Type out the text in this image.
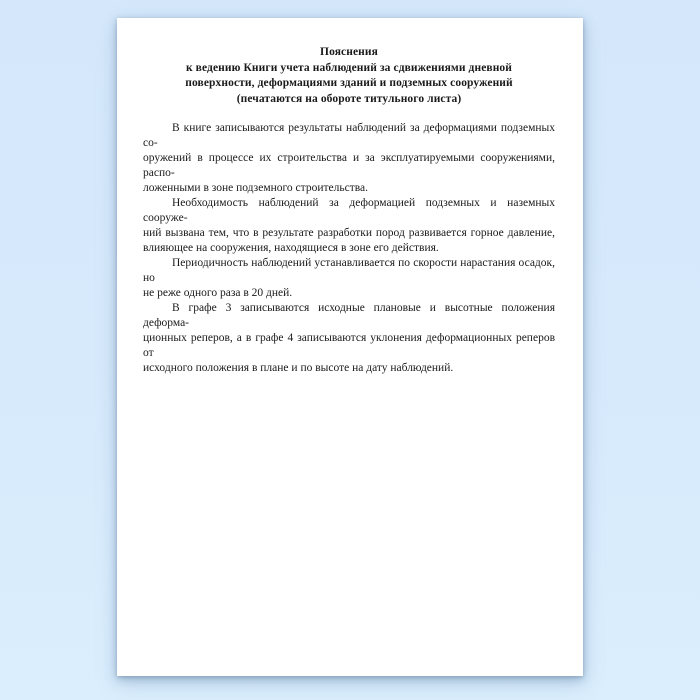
Пояснения
к ведению Книги учета наблюдений за сдвижениями дневной
поверхности, деформациями зданий и подземных сооружений
(печатаются на обороте титульного листа)
В книге записываются результаты наблюдений за деформациями подземных со-
оружений в процессе их строительства и за эксплуатируемыми сооружениями, распо-
ложенными в зоне подземного строительства.
Необходимость наблюдений за деформацией подземных и наземных сооруже-
ний вызвана тем, что в результате разработки пород развивается горное давление,
влияющее на сооружения, находящиеся в зоне его действия.
Периодичность наблюдений устанавливается по скорости нарастания осадок, но
не реже одного раза в 20 дней.
В графе 3 записываются исходные плановые и высотные положения деформа-
ционных реперов, а в графе 4 записываются уклонения деформационных реперов от
исходного положения в плане и по высоте на дату наблюдений.
